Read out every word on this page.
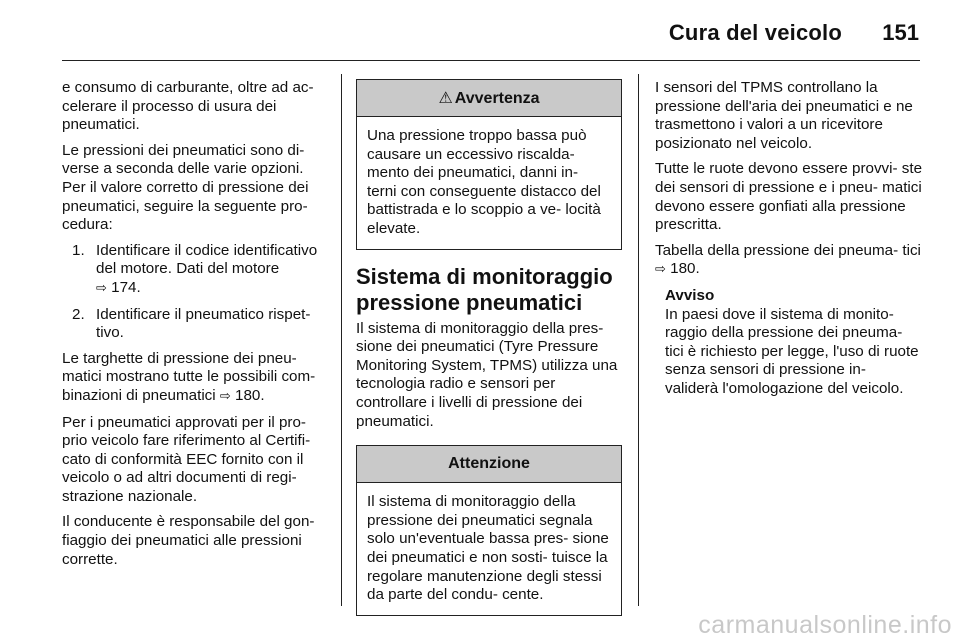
Cura del veicolo 151

e consumo di carburante, oltre ad ac- celerare il processo di usura dei pneumatici.

Le pressioni dei pneumatici sono di- verse a seconda delle varie opzioni. Per il valore corretto di pressione dei pneumatici, seguire la seguente pro- cedura:

1. Identificare il codice identificativo del motore. Dati del motore
⇨ 174.
2. Identificare il pneumatico rispet- tivo.

Le targhette di pressione dei pneu- matici mostrano tutte le possibili com- binazioni di pneumatici ⇨ 180.

Per i pneumatici approvati per il pro- prio veicolo fare riferimento al Certifi- cato di conformità EEC fornito con il veicolo o ad altri documenti di regi- strazione nazionale.

Il conducente è responsabile del gon- fiaggio dei pneumatici alle pressioni corrette.

⚠ Avvertenza
Una pressione troppo bassa può causare un eccessivo riscalda- mento dei pneumatici, danni in- terni con conseguente distacco del battistrada e lo scoppio a ve- locità elevate.
Sistema di monitoraggio pressione pneumatici

Il sistema di monitoraggio della pres- sione dei pneumatici (Tyre Pressure Monitoring System, TPMS) utilizza una tecnologia radio e sensori per controllare i livelli di pressione dei pneumatici.

Attenzione
Il sistema di monitoraggio della pressione dei pneumatici segnala solo un'eventuale bassa pres- sione dei pneumatici e non sosti- tuisce la regolare manutenzione degli stessi da parte del condu- cente.

I sensori del TPMS controllano la pressione dell'aria dei pneumatici e ne trasmettono i valori a un ricevitore posizionato nel veicolo.

Tutte le ruote devono essere provvi- ste dei sensori di pressione e i pneu- matici devono essere gonfiati alla pressione prescritta.

Tabella della pressione dei pneuma- tici ⇨ 180.

Avviso
In paesi dove il sistema di monito- raggio della pressione dei pneuma- tici è richiesto per legge, l'uso di ruote senza sensori di pressione in- validerà l'omologazione del veicolo.
carmanualsonline.info
